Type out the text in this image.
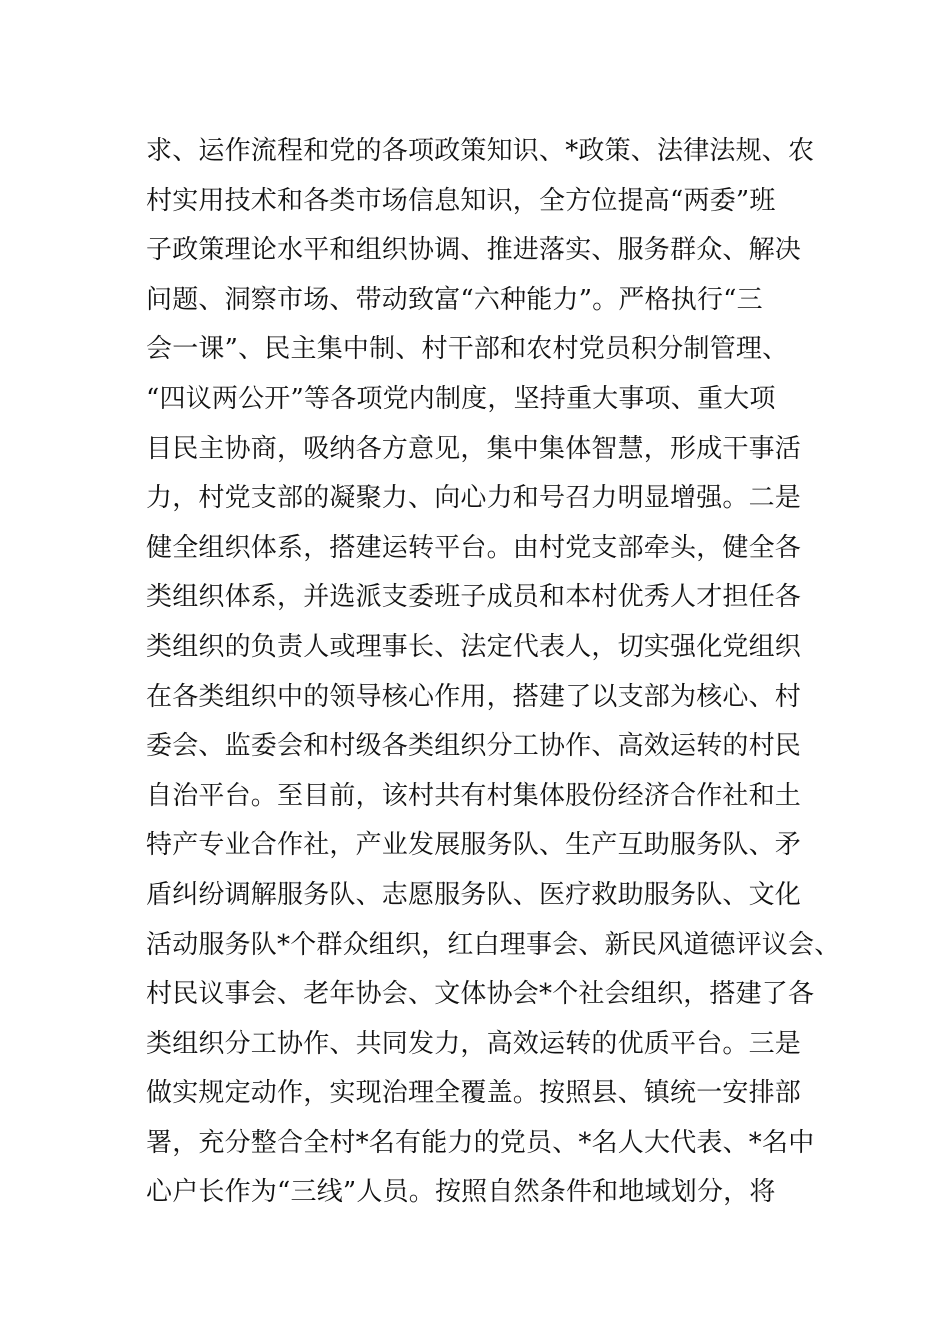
求、运作流程和党的各项政策知识、*政策、法律法规、农
村实用技术和各类市场信息知识，全方位提高“两委”班
子政策理论水平和组织协调、推进落实、服务群众、解决
问题、洞察市场、带动致富“六种能力”。严格执行“三
会一课”、民主集中制、村干部和农村党员积分制管理、
“四议两公开”等各项党内制度，坚持重大事项、重大项
目民主协商，吸纳各方意见，集中集体智慧，形成干事活
力，村党支部的凝聚力、向心力和号召力明显增强。二是
健全组织体系，搭建运转平台。由村党支部牵头，健全各
类组织体系，并选派支委班子成员和本村优秀人才担任各
类组织的负责人或理事长、法定代表人，切实强化党组织
在各类组织中的领导核心作用，搭建了以支部为核心、村
委会、监委会和村级各类组织分工协作、高效运转的村民
自治平台。至目前，该村共有村集体股份经济合作社和土
特产专业合作社，产业发展服务队、生产互助服务队、矛
盾纠纷调解服务队、志愿服务队、医疗救助服务队、文化
活动服务队*个群众组织，红白理事会、新民风道德评议会、
村民议事会、老年协会、文体协会*个社会组织，搭建了各
类组织分工协作、共同发力，高效运转的优质平台。三是
做实规定动作，实现治理全覆盖。按照县、镇统一安排部
署，充分整合全村*名有能力的党员、*名人大代表、*名中
心户长作为“三线”人员。按照自然条件和地域划分，将
